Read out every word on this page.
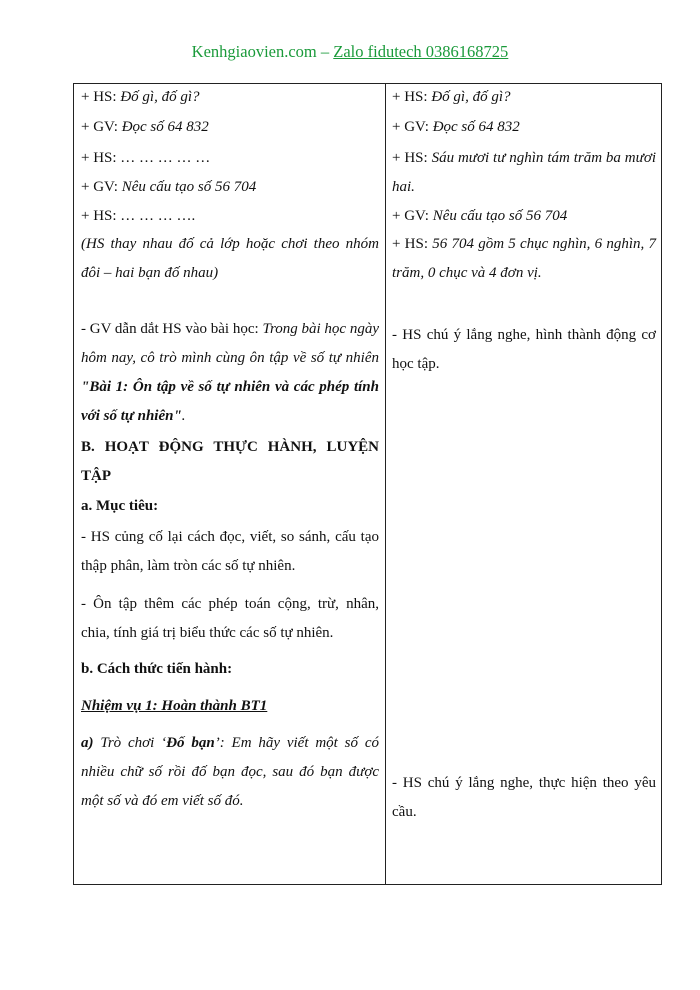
Kenhgiaovien.com – Zalo fidutech 0386168725
+ HS: Đố gì, đố gì?
+ GV: Đọc số 64 832
+ HS: … … … … …
+ GV: Nêu cấu tạo số 56 704
+ HS: … … … ….
(HS thay nhau đố cả lớp hoặc chơi theo nhóm đôi – hai bạn đố nhau)
- GV dẫn dắt HS vào bài học: Trong bài học ngày hôm nay, cô trò mình cùng ôn tập về số tự nhiên "Bài 1: Ôn tập về số tự nhiên và các phép tính với số tự nhiên".
B. HOẠT ĐỘNG THỰC HÀNH, LUYỆN TẬP
a. Mục tiêu:
- HS củng cố lại cách đọc, viết, so sánh, cấu tạo thập phân, làm tròn các số tự nhiên.
- Ôn tập thêm các phép toán cộng, trừ, nhân, chia, tính giá trị biểu thức các số tự nhiên.
b. Cách thức tiến hành:
Nhiệm vụ 1: Hoàn thành BT1
a) Trò chơi ‘Đố bạn’: Em hãy viết một số có nhiều chữ số rồi đố bạn đọc, sau đó bạn được một số và đó em viết số đó.
+ HS: Đố gì, đố gì?
+ GV: Đọc số 64 832
+ HS: Sáu mươi tư nghìn tám trăm ba mươi hai.
+ GV: Nêu cấu tạo số 56 704
+ HS: 56 704 gồm 5 chục nghìn, 6 nghìn, 7 trăm, 0 chục và 4 đơn vị.
- HS chú ý lắng nghe, hình thành động cơ học tập.
- HS chú ý lắng nghe, thực hiện theo yêu cầu.
